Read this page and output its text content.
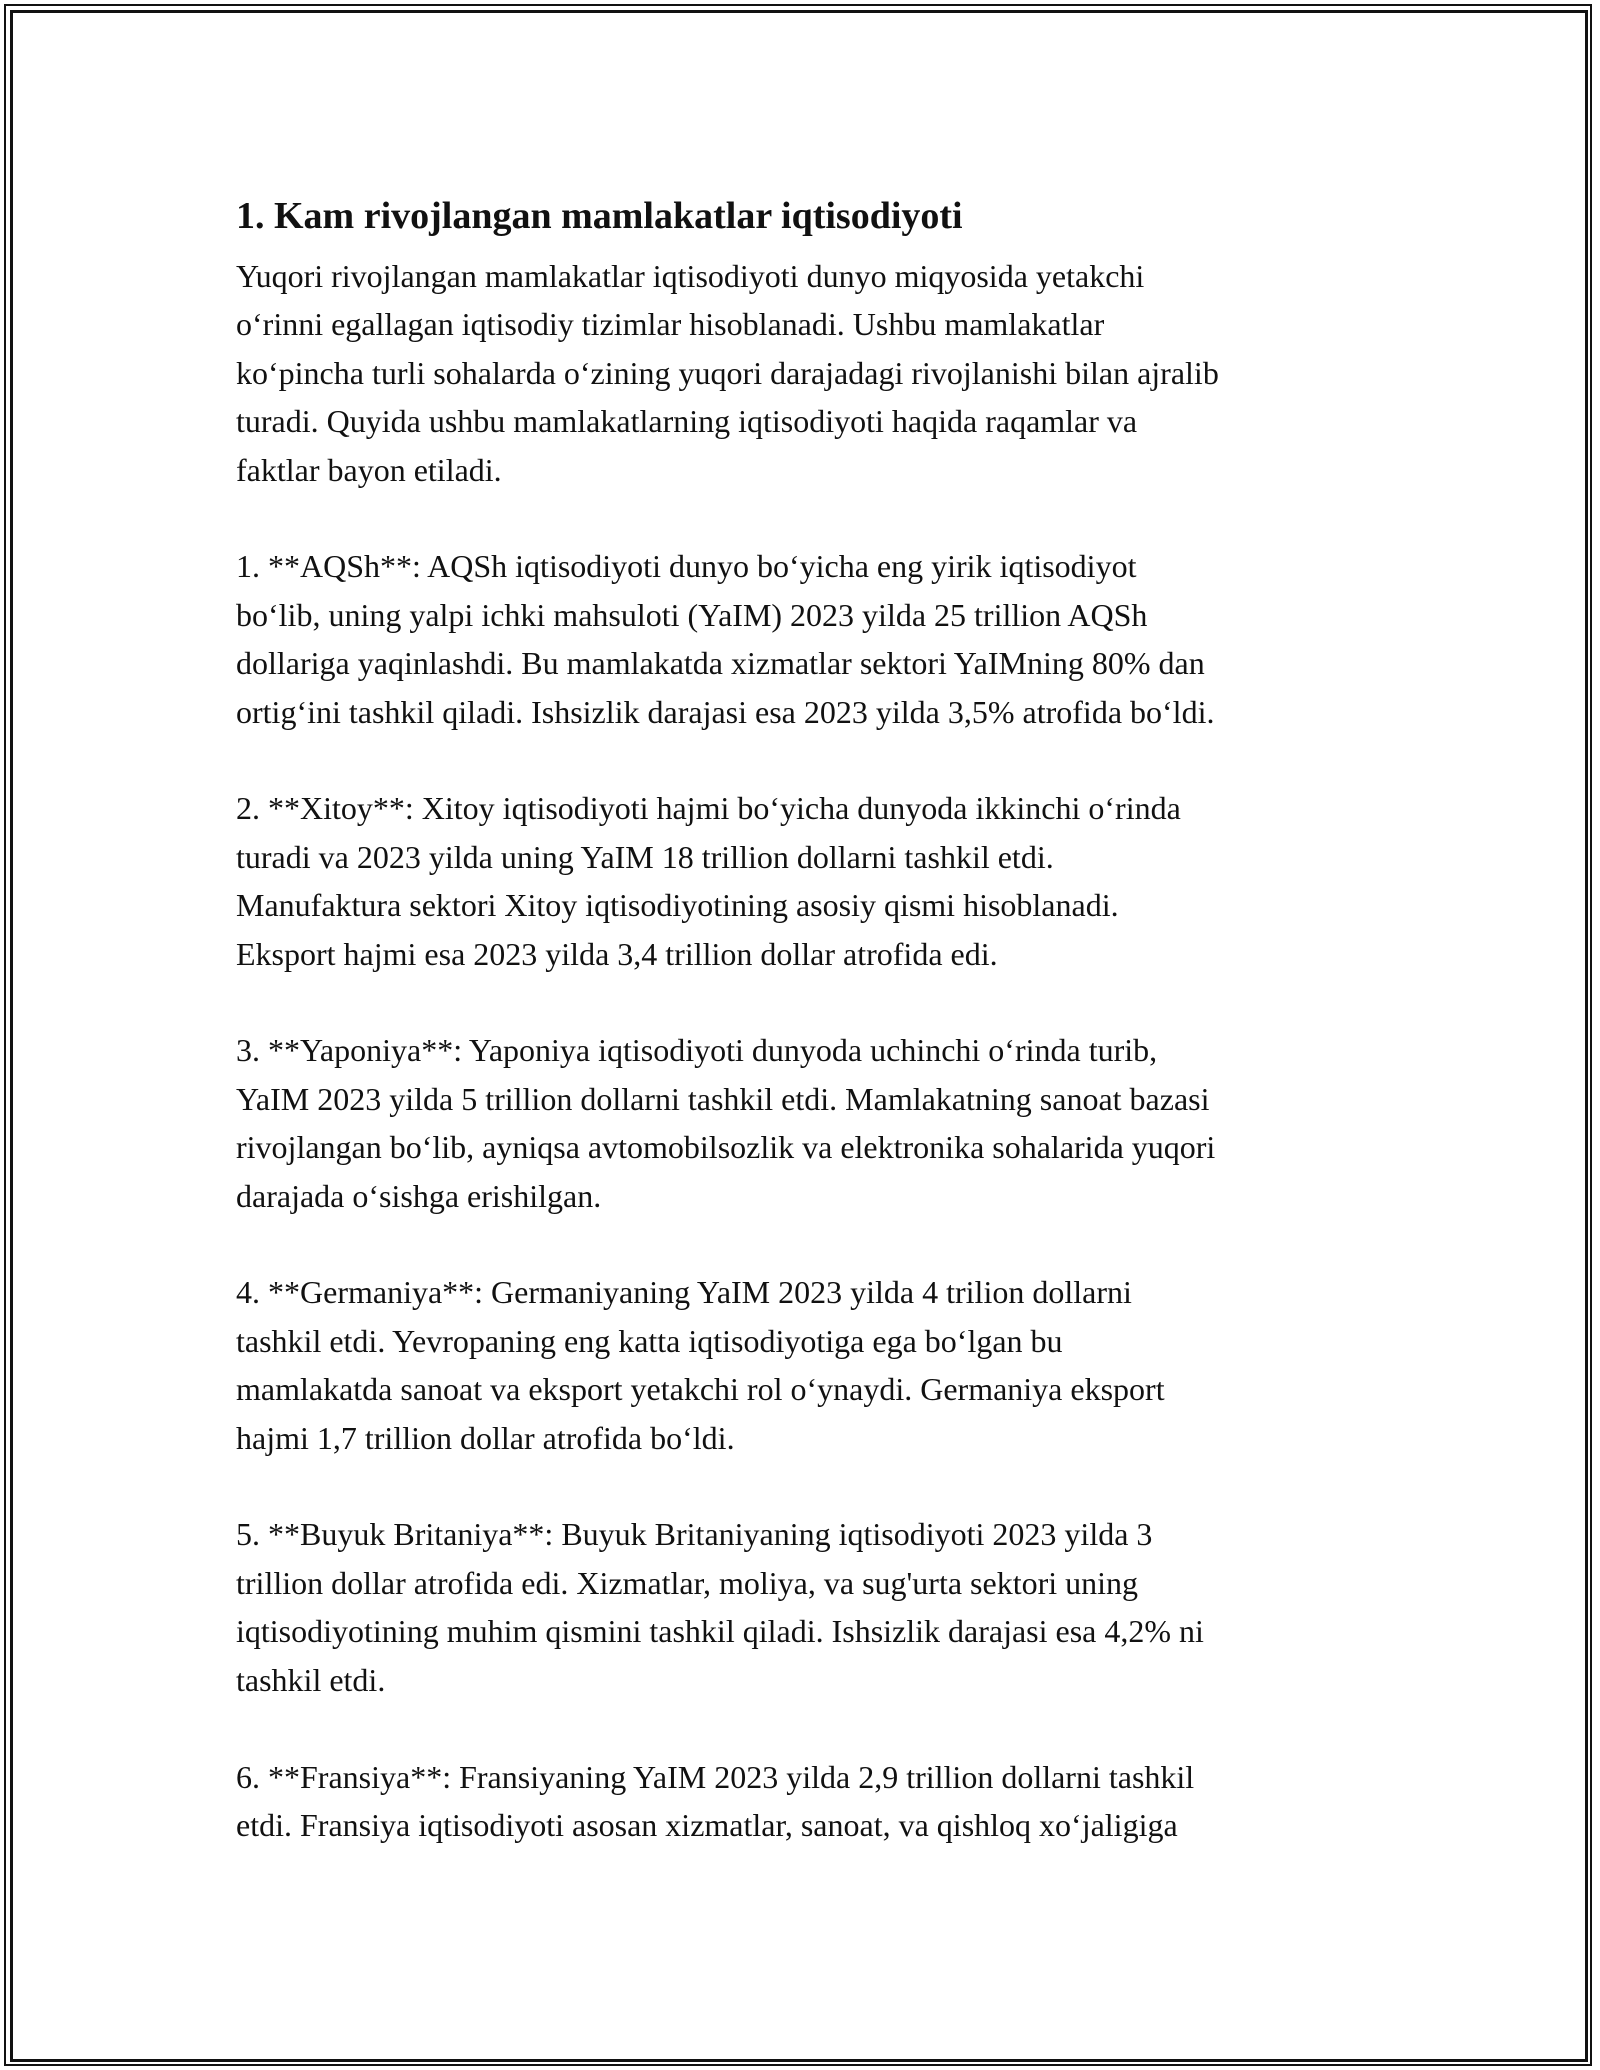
1. Kam rivojlangan mamlakatlar iqtisodiyoti

Yuqori rivojlangan mamlakatlar iqtisodiyoti dunyo miqyosida yetakchi
o‘rinni egallagan iqtisodiy tizimlar hisoblanadi. Ushbu mamlakatlar
ko‘pincha turli sohalarda o‘zining yuqori darajadagi rivojlanishi bilan ajralib
turadi. Quyida ushbu mamlakatlarning iqtisodiyoti haqida raqamlar va
faktlar bayon etiladi.

1. **AQSh**: AQSh iqtisodiyoti dunyo bo‘yicha eng yirik iqtisodiyot
bo‘lib, uning yalpi ichki mahsuloti (YaIM) 2023 yilda 25 trillion AQSh
dollariga yaqinlashdi. Bu mamlakatda xizmatlar sektori YaIMning 80% dan
ortig‘ini tashkil qiladi. Ishsizlik darajasi esa 2023 yilda 3,5% atrofida bo‘ldi.

2. **Xitoy**: Xitoy iqtisodiyoti hajmi bo‘yicha dunyoda ikkinchi o‘rinda
turadi va 2023 yilda uning YaIM 18 trillion dollarni tashkil etdi.
Manufaktura sektori Xitoy iqtisodiyotining asosiy qismi hisoblanadi.
Eksport hajmi esa 2023 yilda 3,4 trillion dollar atrofida edi.

3. **Yaponiya**: Yaponiya iqtisodiyoti dunyoda uchinchi o‘rinda turib,
YaIM 2023 yilda 5 trillion dollarni tashkil etdi. Mamlakatning sanoat bazasi
rivojlangan bo‘lib, ayniqsa avtomobilsozlik va elektronika sohalarida yuqori
darajada o‘sishga erishilgan.

4. **Germaniya**: Germaniyaning YaIM 2023 yilda 4 trilion dollarni
tashkil etdi. Yevropaning eng katta iqtisodiyotiga ega bo‘lgan bu
mamlakatda sanoat va eksport yetakchi rol o‘ynaydi. Germaniya eksport
hajmi 1,7 trillion dollar atrofida bo‘ldi.

5. **Buyuk Britaniya**: Buyuk Britaniyaning iqtisodiyoti 2023 yilda 3
trillion dollar atrofida edi. Xizmatlar, moliya, va sug'urta sektori uning
iqtisodiyotining muhim qismini tashkil qiladi. Ishsizlik darajasi esa 4,2% ni
tashkil etdi.

6. **Fransiya**: Fransiyaning YaIM 2023 yilda 2,9 trillion dollarni tashkil
etdi. Fransiya iqtisodiyoti asosan xizmatlar, sanoat, va qishloq xo‘jaligiga
